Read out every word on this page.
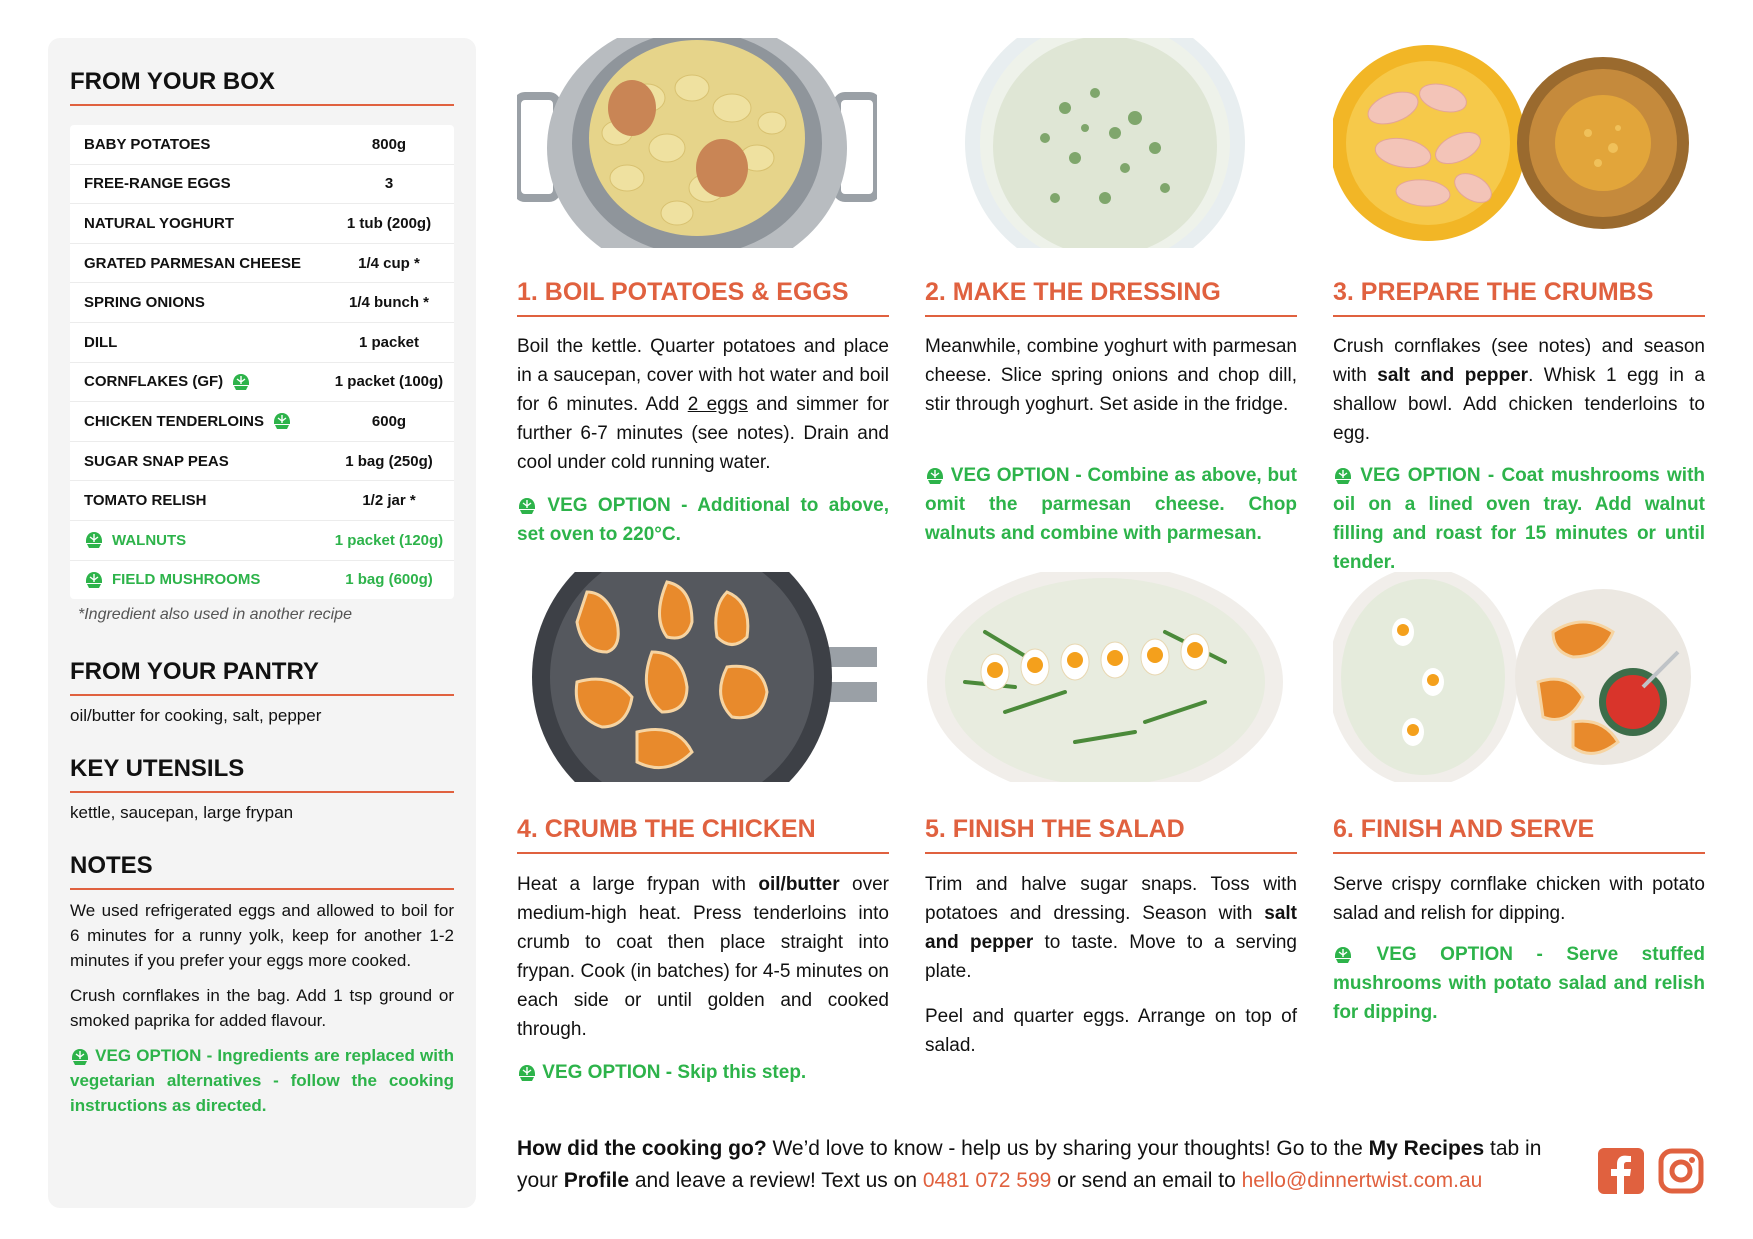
FROM YOUR BOX
BABY POTATOES	800g
FREE-RANGE EGGS	3
NATURAL YOGHURT	1 tub (200g)
GRATED PARMESAN CHEESE	1/4 cup *
SPRING ONIONS	1/4 bunch *
DILL	1 packet
CORNFLAKES (GF)	1 packet (100g)
CHICKEN TENDERLOINS	600g
SUGAR SNAP PEAS	1 bag (250g)
TOMATO RELISH	1/2 jar *
WALNUTS	1 packet (120g)
FIELD MUSHROOMS	1 bag (600g)
*Ingredient also used in another recipe
FROM YOUR PANTRY

oil/butter for cooking, salt, pepper

KEY UTENSILS

kettle, saucepan, large frypan

NOTES

We used refrigerated eggs and allowed to boil for 6 minutes for a runny yolk, keep for another 1-2 minutes if you prefer your eggs more cooked.

Crush cornflakes in the bag. Add 1 tsp ground or smoked paprika for added flavour.

VEG OPTION - Ingredients are replaced with vegetarian alternatives - follow the cooking instructions as directed.

1. BOIL POTATOES & EGGS

Boil the kettle. Quarter potatoes and place in a saucepan, cover with hot water and boil for 6 minutes. Add 2 eggs and simmer for further 6-7 minutes (see notes). Drain and cool under cold running water.

VEG OPTION - Additional to above, set oven to 220°C.

2. MAKE THE DRESSING

Meanwhile, combine yoghurt with parmesan cheese. Slice spring onions and chop dill, stir through yoghurt. Set aside in the fridge.

VEG OPTION - Combine as above, but omit the parmesan cheese. Chop walnuts and combine with parmesan.

3. PREPARE THE CRUMBS

Crush cornflakes (see notes) and season with salt and pepper. Whisk 1 egg in a shallow bowl. Add chicken tenderloins to egg.

VEG OPTION - Coat mushrooms with oil on a lined oven tray. Add walnut filling and roast for 15 minutes or until tender.

4. CRUMB THE CHICKEN

Heat a large frypan with oil/butter over medium-high heat. Press tenderloins into crumb to coat then place straight into frypan. Cook (in batches) for 4-5 minutes on each side or until golden and cooked through.

VEG OPTION - Skip this step.

5. FINISH THE SALAD

Trim and halve sugar snaps. Toss with potatoes and dressing. Season with salt and pepper to taste. Move to a serving plate.

Peel and quarter eggs. Arrange on top of salad.

6. FINISH AND SERVE

Serve crispy cornflake chicken with potato salad and relish for dipping.

VEG OPTION - Serve stuffed mushrooms with potato salad and relish for dipping.

How did the cooking go? We’d love to know - help us by sharing your thoughts! Go to the My Recipes tab in your Profile and leave a review! Text us on 0481 072 599 or send an email to hello@dinnertwist.com.au
